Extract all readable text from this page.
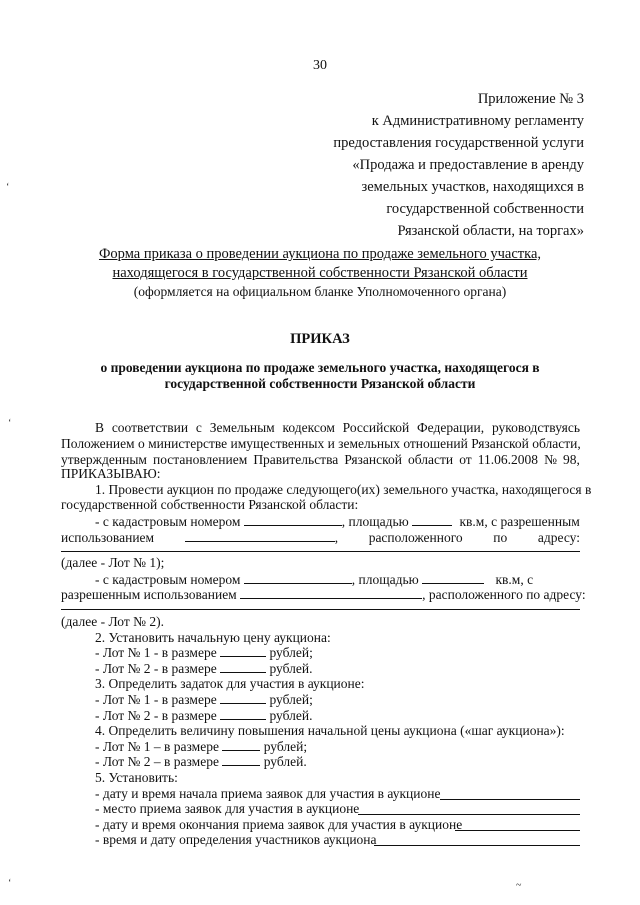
30
Приложение № 3
к Административному регламенту
предоставления государственной услуги
«Продажа и предоставление в аренду
земельных участков, находящихся в
государственной собственности
Рязанской области, на торгах»
Форма приказа о проведении аукциона по продаже земельного участка,
находящегося в государственной собственности Рязанской области
(оформляется на официальном бланке Уполномоченного органа)
ПРИКАЗ
о проведении аукциона по продаже земельного участка, находящегося в
государственной собственности Рязанской области
В соответствии с Земельным кодексом Российской Федерации, руководствуясь
Положением о министерстве имущественных и земельных отношений Рязанской области,
утвержденным постановлением Правительства Рязанской области от 11.06.2008 № 98,
ПРИКАЗЫВАЮ:
1. Провести аукцион по продаже следующего(их) земельного участка, находящегося в
государственной собственности Рязанской области:
- с кадастровым номером	, площадью	кв.м, с разрешенным
использованием	, расположенного по адресу:
(далее - Лот № 1);
- с кадастровым номером	, площадью	кв.м, с
разрешенным использованием	, расположенного по адресу:
(далее - Лот № 2).
2. Установить начальную цену аукциона:
- Лот № 1 - в размере	рублей;
- Лот № 2 - в размере	рублей.
3. Определить задаток для участия в аукционе:
- Лот № 1 - в размере	рублей;
- Лот № 2 - в размере	рублей.
4. Определить величину повышения начальной цены аукциона («шаг аукциона»):
- Лот № 1 – в размере	рублей;
- Лот № 2 – в размере	рублей.
5. Установить:
- дату и время начала приема заявок для участия в аукционе
- место приема заявок для участия в аукционе
- дату и время окончания приема заявок для участия в аукционе
- время и дату определения участников аукциона
‘
‘
‘	~
